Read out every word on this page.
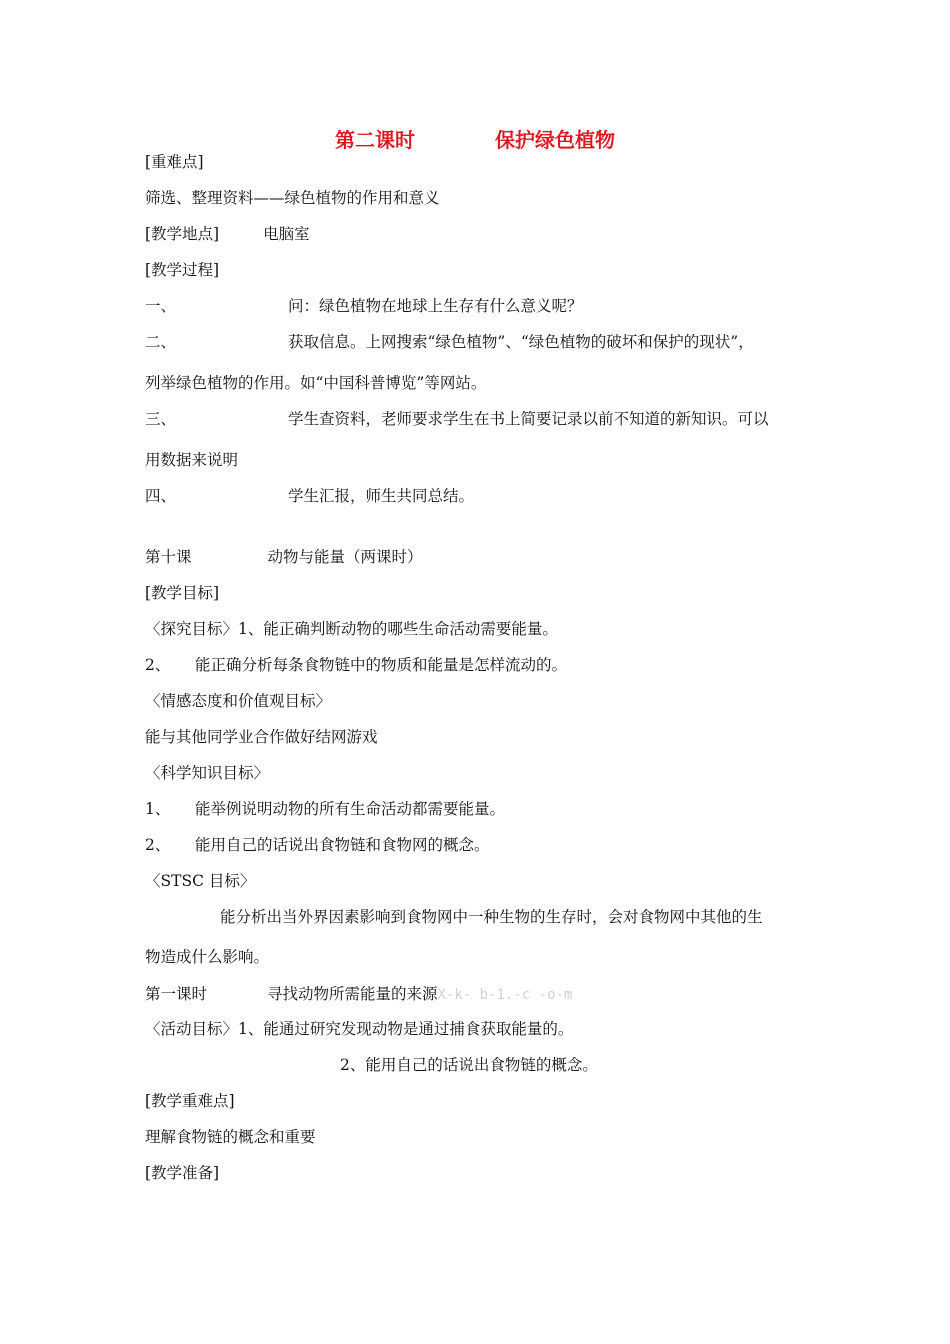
第二课时	保护绿色植物
[重难点]
筛选、整理资料——绿色植物的作用和意义
[教学地点]	电脑室
[教学过程]
一、	问：绿色植物在地球上生存有什么意义呢？
二、	获取信息。上网搜索“绿色植物”、“绿色植物的破坏和保护的现状”，
列举绿色植物的作用。如“中国科普博览”等网站。
三、	学生查资料，老师要求学生在书上简要记录以前不知道的新知识。可以
用数据来说明
四、	学生汇报，师生共同总结。
第十课	动物与能量（两课时）
[教学目标]
〈探究目标〉1、能正确判断动物的哪些生命活动需要能量。
2、 能正确分析每条食物链中的物质和能量是怎样流动的。
〈情感态度和价值观目标〉
能与其他同学业合作做好结网游戏
〈科学知识目标〉
1、 能举例说明动物的所有生命活动都需要能量。
2、 能用自己的话说出食物链和食物网的概念。
〈STSC 目标〉
能分析出当外界因素影响到食物网中一种生物的生存时，会对食物网中其他的生
物造成什么影响。
第一课时	寻找动物所需能量的来源X-k- b-1.-c -o-m
〈活动目标〉1、能通过研究发现动物是通过捕食获取能量的。
2、能用自己的话说出食物链的概念。
[教学重难点]
理解食物链的概念和重要
[教学准备]
